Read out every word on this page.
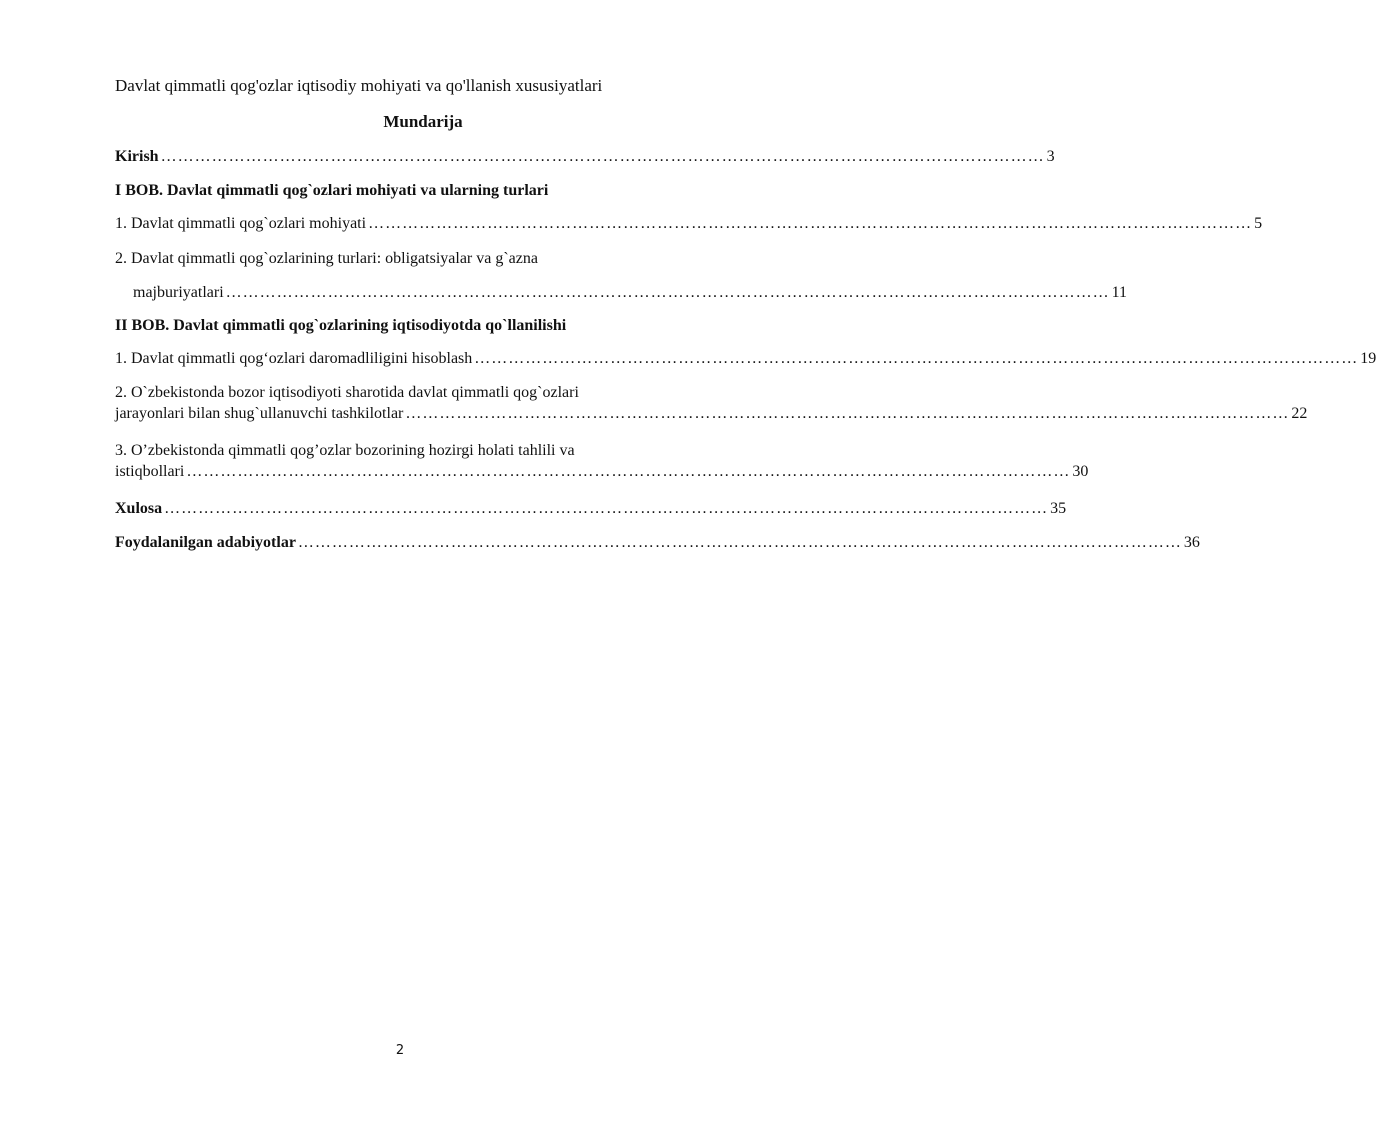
Davlat qimmatli qog'ozlar iqtisodiy mohiyati va qo'llanish xususiyatlari
Mundarija
Kirish ………………………………………………………………………………………………………………………………………… 3
I BOB. Davlat qimmatli qog`ozlari mohiyati va ularning turlari
1. Davlat qimmatli qog`ozlari mohiyati ………………………………………………………………………………………………………………………………………… 5
2. Davlat qimmatli qog`ozlarining turlari: obligatsiyalar va g`azna
majburiyatlari ………………………………………………………………………………………………………………………………………… 11
II BOB. Davlat qimmatli qog`ozlarining iqtisodiyotda qo`llanilishi
1. Davlat qimmatli qog‘ozlari daromadliligini hisoblash ………………………………………………………………………………………………………………………………………… 19
2. O`zbekistonda bozor iqtisodiyoti sharotida davlat qimmatli qog`ozlari
jarayonlari bilan shug`ullanuvchi tashkilotlar ………………………………………………………………………………………………………………………………………… 22
3. O’zbekistonda qimmatli qog’ozlar bozorining hozirgi holati tahlili va
istiqbollari ………………………………………………………………………………………………………………………………………… 30
Xulosa ………………………………………………………………………………………………………………………………………… 35
Foydalanilgan adabiyotlar ………………………………………………………………………………………………………………………………………… 36
2
